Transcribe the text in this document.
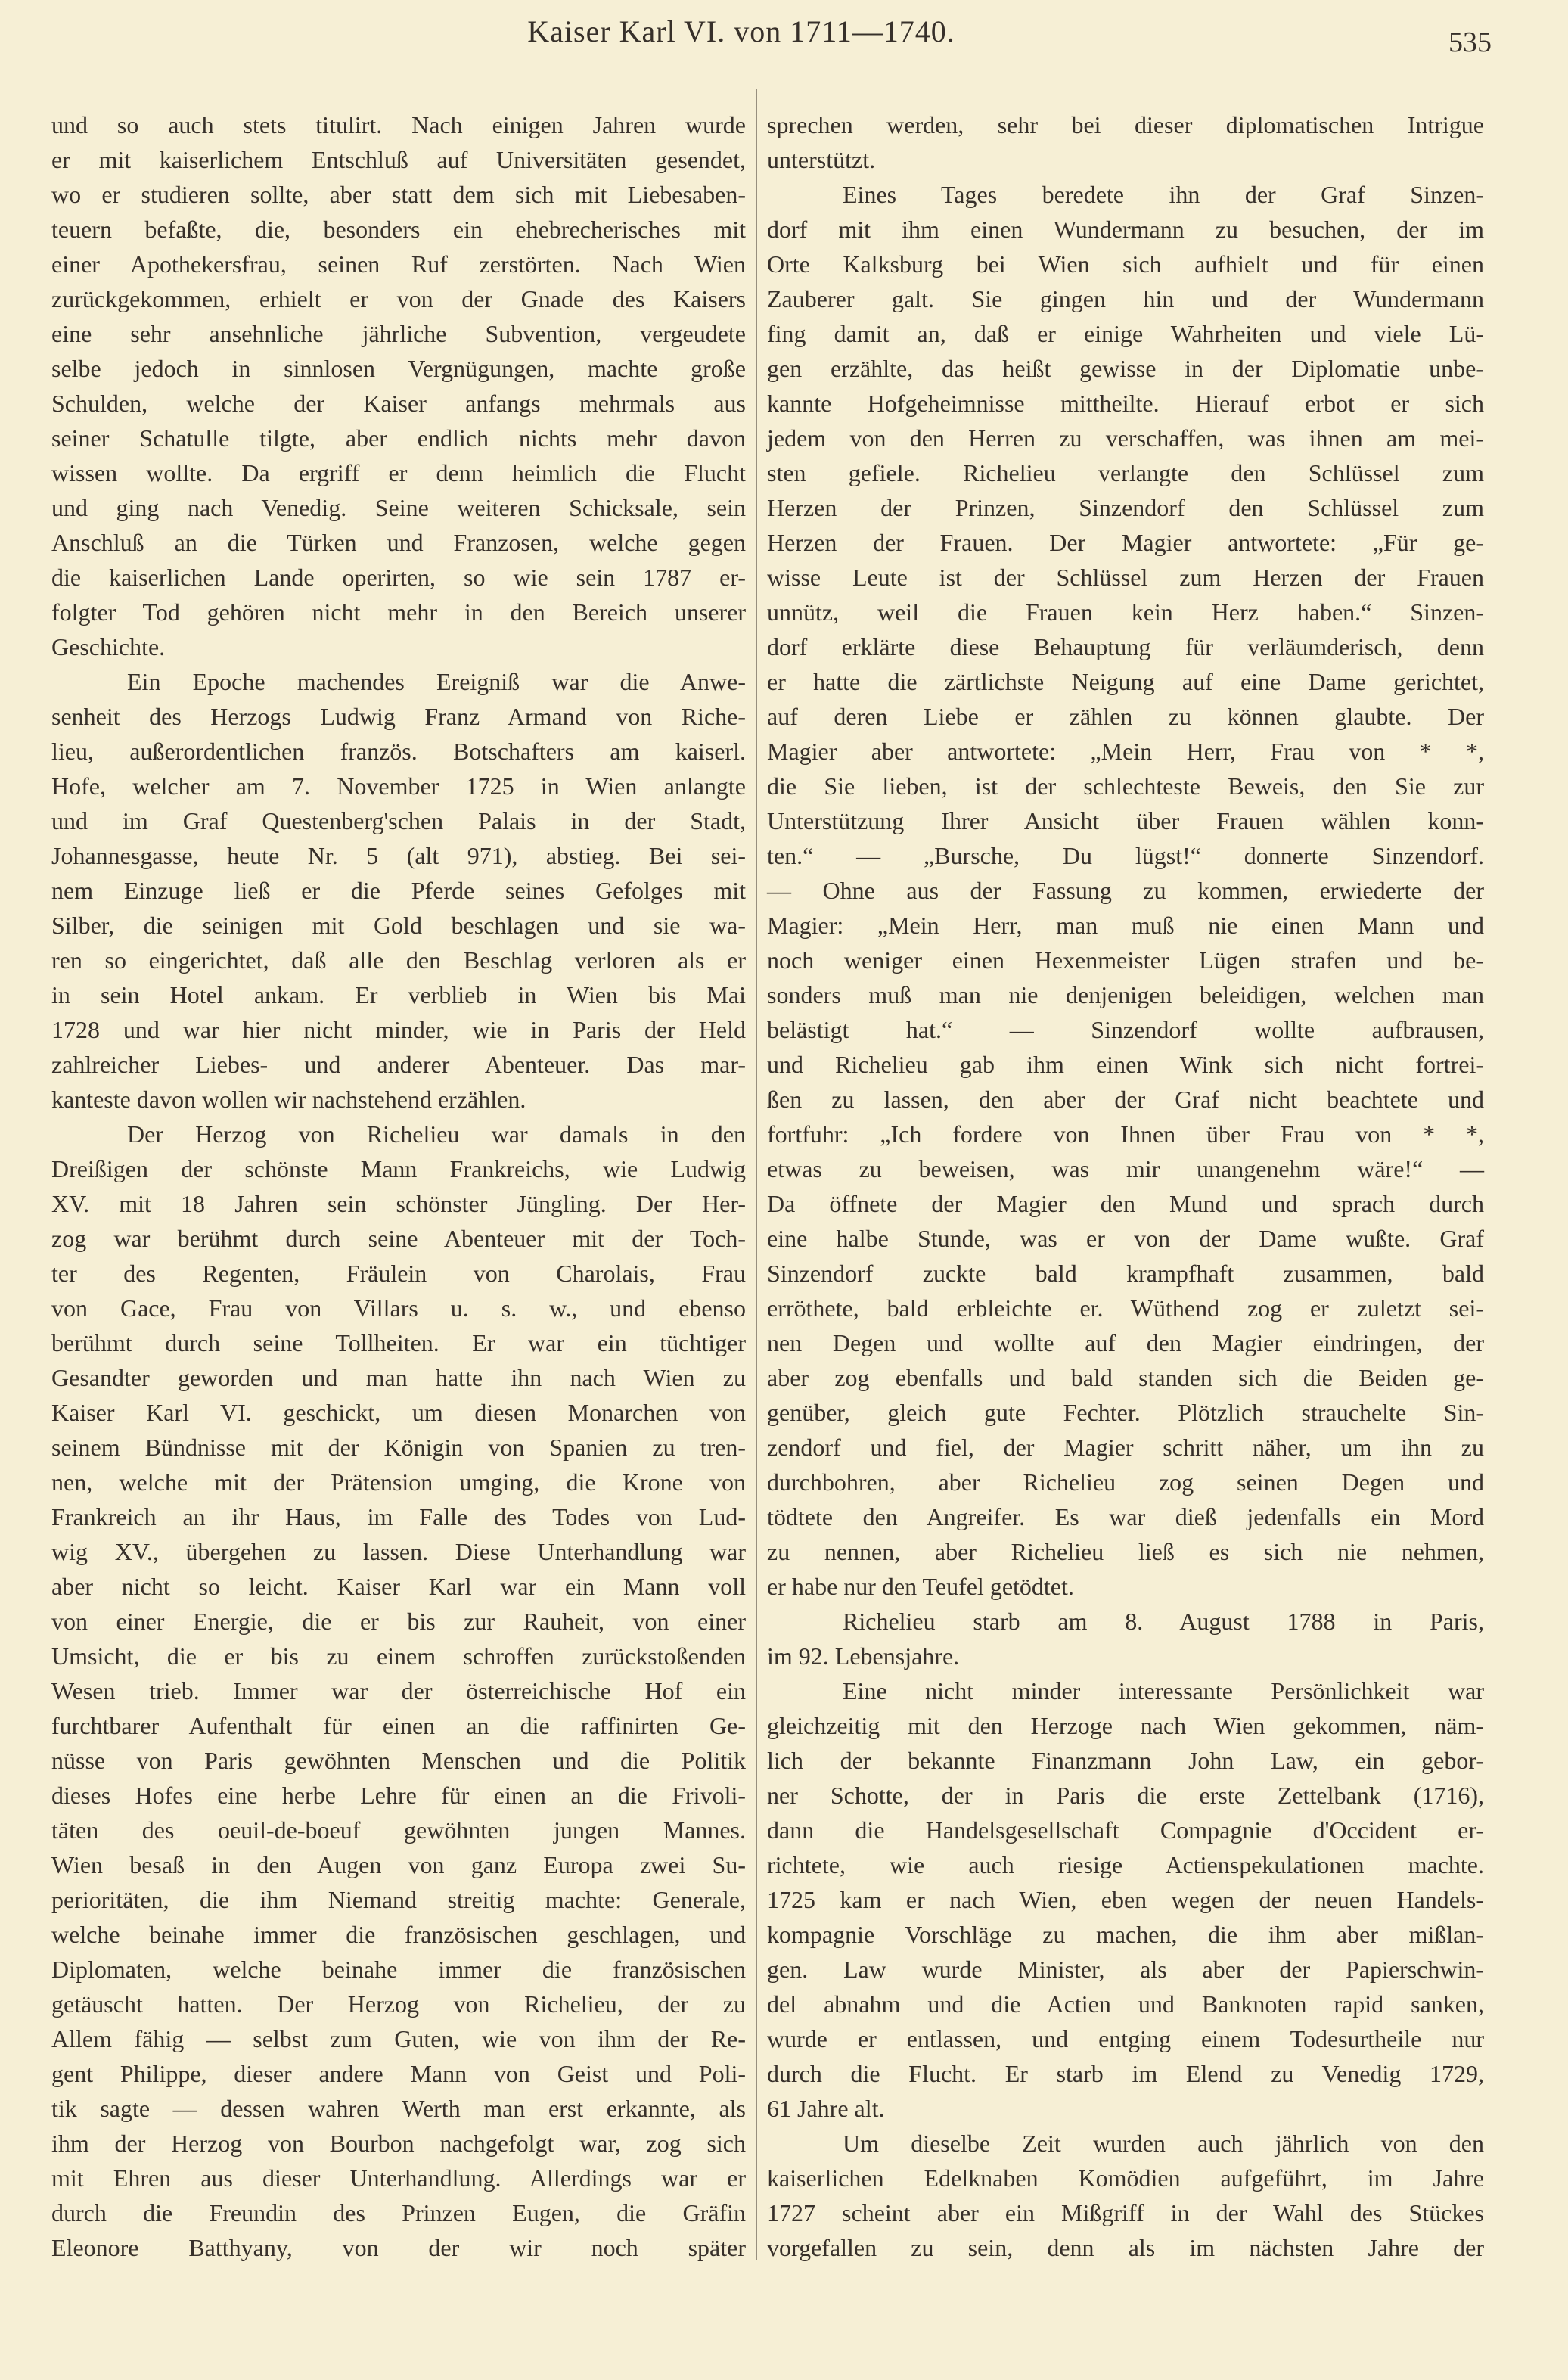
Kaiser Karl VI. von 1711—1740.	535
und so auch stets titulirt. Nach einigen Jahren wurde
er mit kaiserlichem Entschluß auf Universitäten gesendet,
wo er studieren sollte, aber statt dem sich mit Liebesaben-
teuern befaßte, die, besonders ein ehebrecherisches mit
einer Apothekersfrau, seinen Ruf zerstörten. Nach Wien
zurückgekommen, erhielt er von der Gnade des Kaisers
eine sehr ansehnliche jährliche Subvention, vergeudete
selbe jedoch in sinnlosen Vergnügungen, machte große
Schulden, welche der Kaiser anfangs mehrmals aus
seiner Schatulle tilgte, aber endlich nichts mehr davon
wissen wollte. Da ergriff er denn heimlich die Flucht
und ging nach Venedig. Seine weiteren Schicksale, sein
Anschluß an die Türken und Franzosen, welche gegen
die kaiserlichen Lande operirten, so wie sein 1787 er-
folgter Tod gehören nicht mehr in den Bereich unserer
Geschichte.
Ein Epoche machendes Ereigniß war die Anwe-
senheit des Herzogs Ludwig Franz Armand von Riche-
lieu, außerordentlichen französ. Botschafters am kaiserl.
Hofe, welcher am 7. November 1725 in Wien anlangte
und im Graf Questenberg'schen Palais in der Stadt,
Johannesgasse, heute Nr. 5 (alt 971), abstieg. Bei sei-
nem Einzuge ließ er die Pferde seines Gefolges mit
Silber, die seinigen mit Gold beschlagen und sie wa-
ren so eingerichtet, daß alle den Beschlag verloren als er
in sein Hotel ankam. Er verblieb in Wien bis Mai
1728 und war hier nicht minder, wie in Paris der Held
zahlreicher Liebes- und anderer Abenteuer. Das mar-
kanteste davon wollen wir nachstehend erzählen.
Der Herzog von Richelieu war damals in den
Dreißigen der schönste Mann Frankreichs, wie Ludwig
XV. mit 18 Jahren sein schönster Jüngling. Der Her-
zog war berühmt durch seine Abenteuer mit der Toch-
ter des Regenten, Fräulein von Charolais, Frau
von Gace, Frau von Villars u. s. w., und ebenso
berühmt durch seine Tollheiten. Er war ein tüchtiger
Gesandter geworden und man hatte ihn nach Wien zu
Kaiser Karl VI. geschickt, um diesen Monarchen von
seinem Bündnisse mit der Königin von Spanien zu tren-
nen, welche mit der Prätension umging, die Krone von
Frankreich an ihr Haus, im Falle des Todes von Lud-
wig XV., übergehen zu lassen. Diese Unterhandlung war
aber nicht so leicht. Kaiser Karl war ein Mann voll
von einer Energie, die er bis zur Rauheit, von einer
Umsicht, die er bis zu einem schroffen zurückstoßenden
Wesen trieb. Immer war der österreichische Hof ein
furchtbarer Aufenthalt für einen an die raffinirten Ge-
nüsse von Paris gewöhnten Menschen und die Politik
dieses Hofes eine herbe Lehre für einen an die Frivoli-
täten des oeuil-de-boeuf gewöhnten jungen Mannes.
Wien besaß in den Augen von ganz Europa zwei Su-
perioritäten, die ihm Niemand streitig machte: Generale,
welche beinahe immer die französischen geschlagen, und
Diplomaten, welche beinahe immer die französischen
getäuscht hatten. Der Herzog von Richelieu, der zu
Allem fähig — selbst zum Guten, wie von ihm der Re-
gent Philippe, dieser andere Mann von Geist und Poli-
tik sagte — dessen wahren Werth man erst erkannte, als
ihm der Herzog von Bourbon nachgefolgt war, zog sich
mit Ehren aus dieser Unterhandlung. Allerdings war er
durch die Freundin des Prinzen Eugen, die Gräfin
Eleonore Batthyany, von der wir noch später
sprechen werden, sehr bei dieser diplomatischen Intrigue
unterstützt.
Eines Tages beredete ihn der Graf Sinzen-
dorf mit ihm einen Wundermann zu besuchen, der im
Orte Kalksburg bei Wien sich aufhielt und für einen
Zauberer galt. Sie gingen hin und der Wundermann
fing damit an, daß er einige Wahrheiten und viele Lü-
gen erzählte, das heißt gewisse in der Diplomatie unbe-
kannte Hofgeheimnisse mittheilte. Hierauf erbot er sich
jedem von den Herren zu verschaffen, was ihnen am mei-
sten gefiele. Richelieu verlangte den Schlüssel zum
Herzen der Prinzen, Sinzendorf den Schlüssel zum
Herzen der Frauen. Der Magier antwortete: „Für ge-
wisse Leute ist der Schlüssel zum Herzen der Frauen
unnütz, weil die Frauen kein Herz haben.“ Sinzen-
dorf erklärte diese Behauptung für verläumderisch, denn
er hatte die zärtlichste Neigung auf eine Dame gerichtet,
auf deren Liebe er zählen zu können glaubte. Der
Magier aber antwortete: „Mein Herr, Frau von * *,
die Sie lieben, ist der schlechteste Beweis, den Sie zur
Unterstützung Ihrer Ansicht über Frauen wählen konn-
ten.“ — „Bursche, Du lügst!“ donnerte Sinzendorf.
— Ohne aus der Fassung zu kommen, erwiederte der
Magier: „Mein Herr, man muß nie einen Mann und
noch weniger einen Hexenmeister Lügen strafen und be-
sonders muß man nie denjenigen beleidigen, welchen man
belästigt hat.“ — Sinzendorf wollte aufbrausen,
und Richelieu gab ihm einen Wink sich nicht fortrei-
ßen zu lassen, den aber der Graf nicht beachtete und
fortfuhr: „Ich fordere von Ihnen über Frau von * *,
etwas zu beweisen, was mir unangenehm wäre!“ —
Da öffnete der Magier den Mund und sprach durch
eine halbe Stunde, was er von der Dame wußte. Graf
Sinzendorf zuckte bald krampfhaft zusammen, bald
erröthete, bald erbleichte er. Wüthend zog er zuletzt sei-
nen Degen und wollte auf den Magier eindringen, der
aber zog ebenfalls und bald standen sich die Beiden ge-
genüber, gleich gute Fechter. Plötzlich strauchelte Sin-
zendorf und fiel, der Magier schritt näher, um ihn zu
durchbohren, aber Richelieu zog seinen Degen und
tödtete den Angreifer. Es war dieß jedenfalls ein Mord
zu nennen, aber Richelieu ließ es sich nie nehmen,
er habe nur den Teufel getödtet.
Richelieu starb am 8. August 1788 in Paris,
im 92. Lebensjahre.
Eine nicht minder interessante Persönlichkeit war
gleichzeitig mit den Herzoge nach Wien gekommen, näm-
lich der bekannte Finanzmann John Law, ein gebor-
ner Schotte, der in Paris die erste Zettelbank (1716),
dann die Handelsgesellschaft Compagnie d'Occident er-
richtete, wie auch riesige Actienspekulationen machte.
1725 kam er nach Wien, eben wegen der neuen Handels-
kompagnie Vorschläge zu machen, die ihm aber mißlan-
gen. Law wurde Minister, als aber der Papierschwin-
del abnahm und die Actien und Banknoten rapid sanken,
wurde er entlassen, und entging einem Todesurtheile nur
durch die Flucht. Er starb im Elend zu Venedig 1729,
61 Jahre alt.
Um dieselbe Zeit wurden auch jährlich von den
kaiserlichen Edelknaben Komödien aufgeführt, im Jahre
1727 scheint aber ein Mißgriff in der Wahl des Stückes
vorgefallen zu sein, denn als im nächsten Jahre der
